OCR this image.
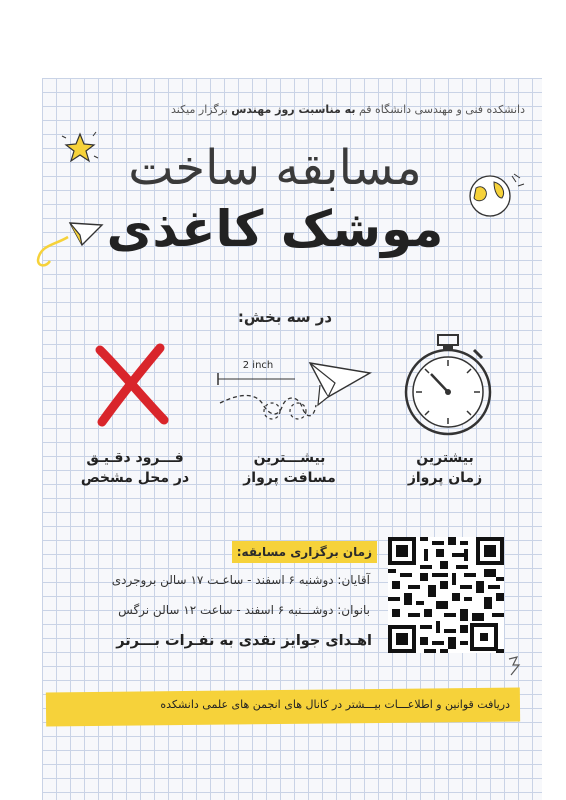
دانشکده فنی و مهندسی دانشگاه قم به مناسبت روز مهندس برگزار میکند
مسابقه ساخت
موشک کاغذی
در سه بخش:
2 inch
بیشترین
زمان پرواز
بیشـــترین
مسافت پرواز
فـــرود دقـیـق
در محل مشخص
زمان برگزاری مسابقه:
آقایان: دوشنبه ۶ اسفند - ساعـت ۱۷ سالن بروجردی
بانوان: دوشـــنبه ۶ اسفند - ساعت ۱۲ سالن نرگس
اهـدای جوایز نقدی به نفـرات بـــرتر
دریافت قوانین و اطلاعـــات بیـــشتر در کانال های انجمن های علمی دانشکده
